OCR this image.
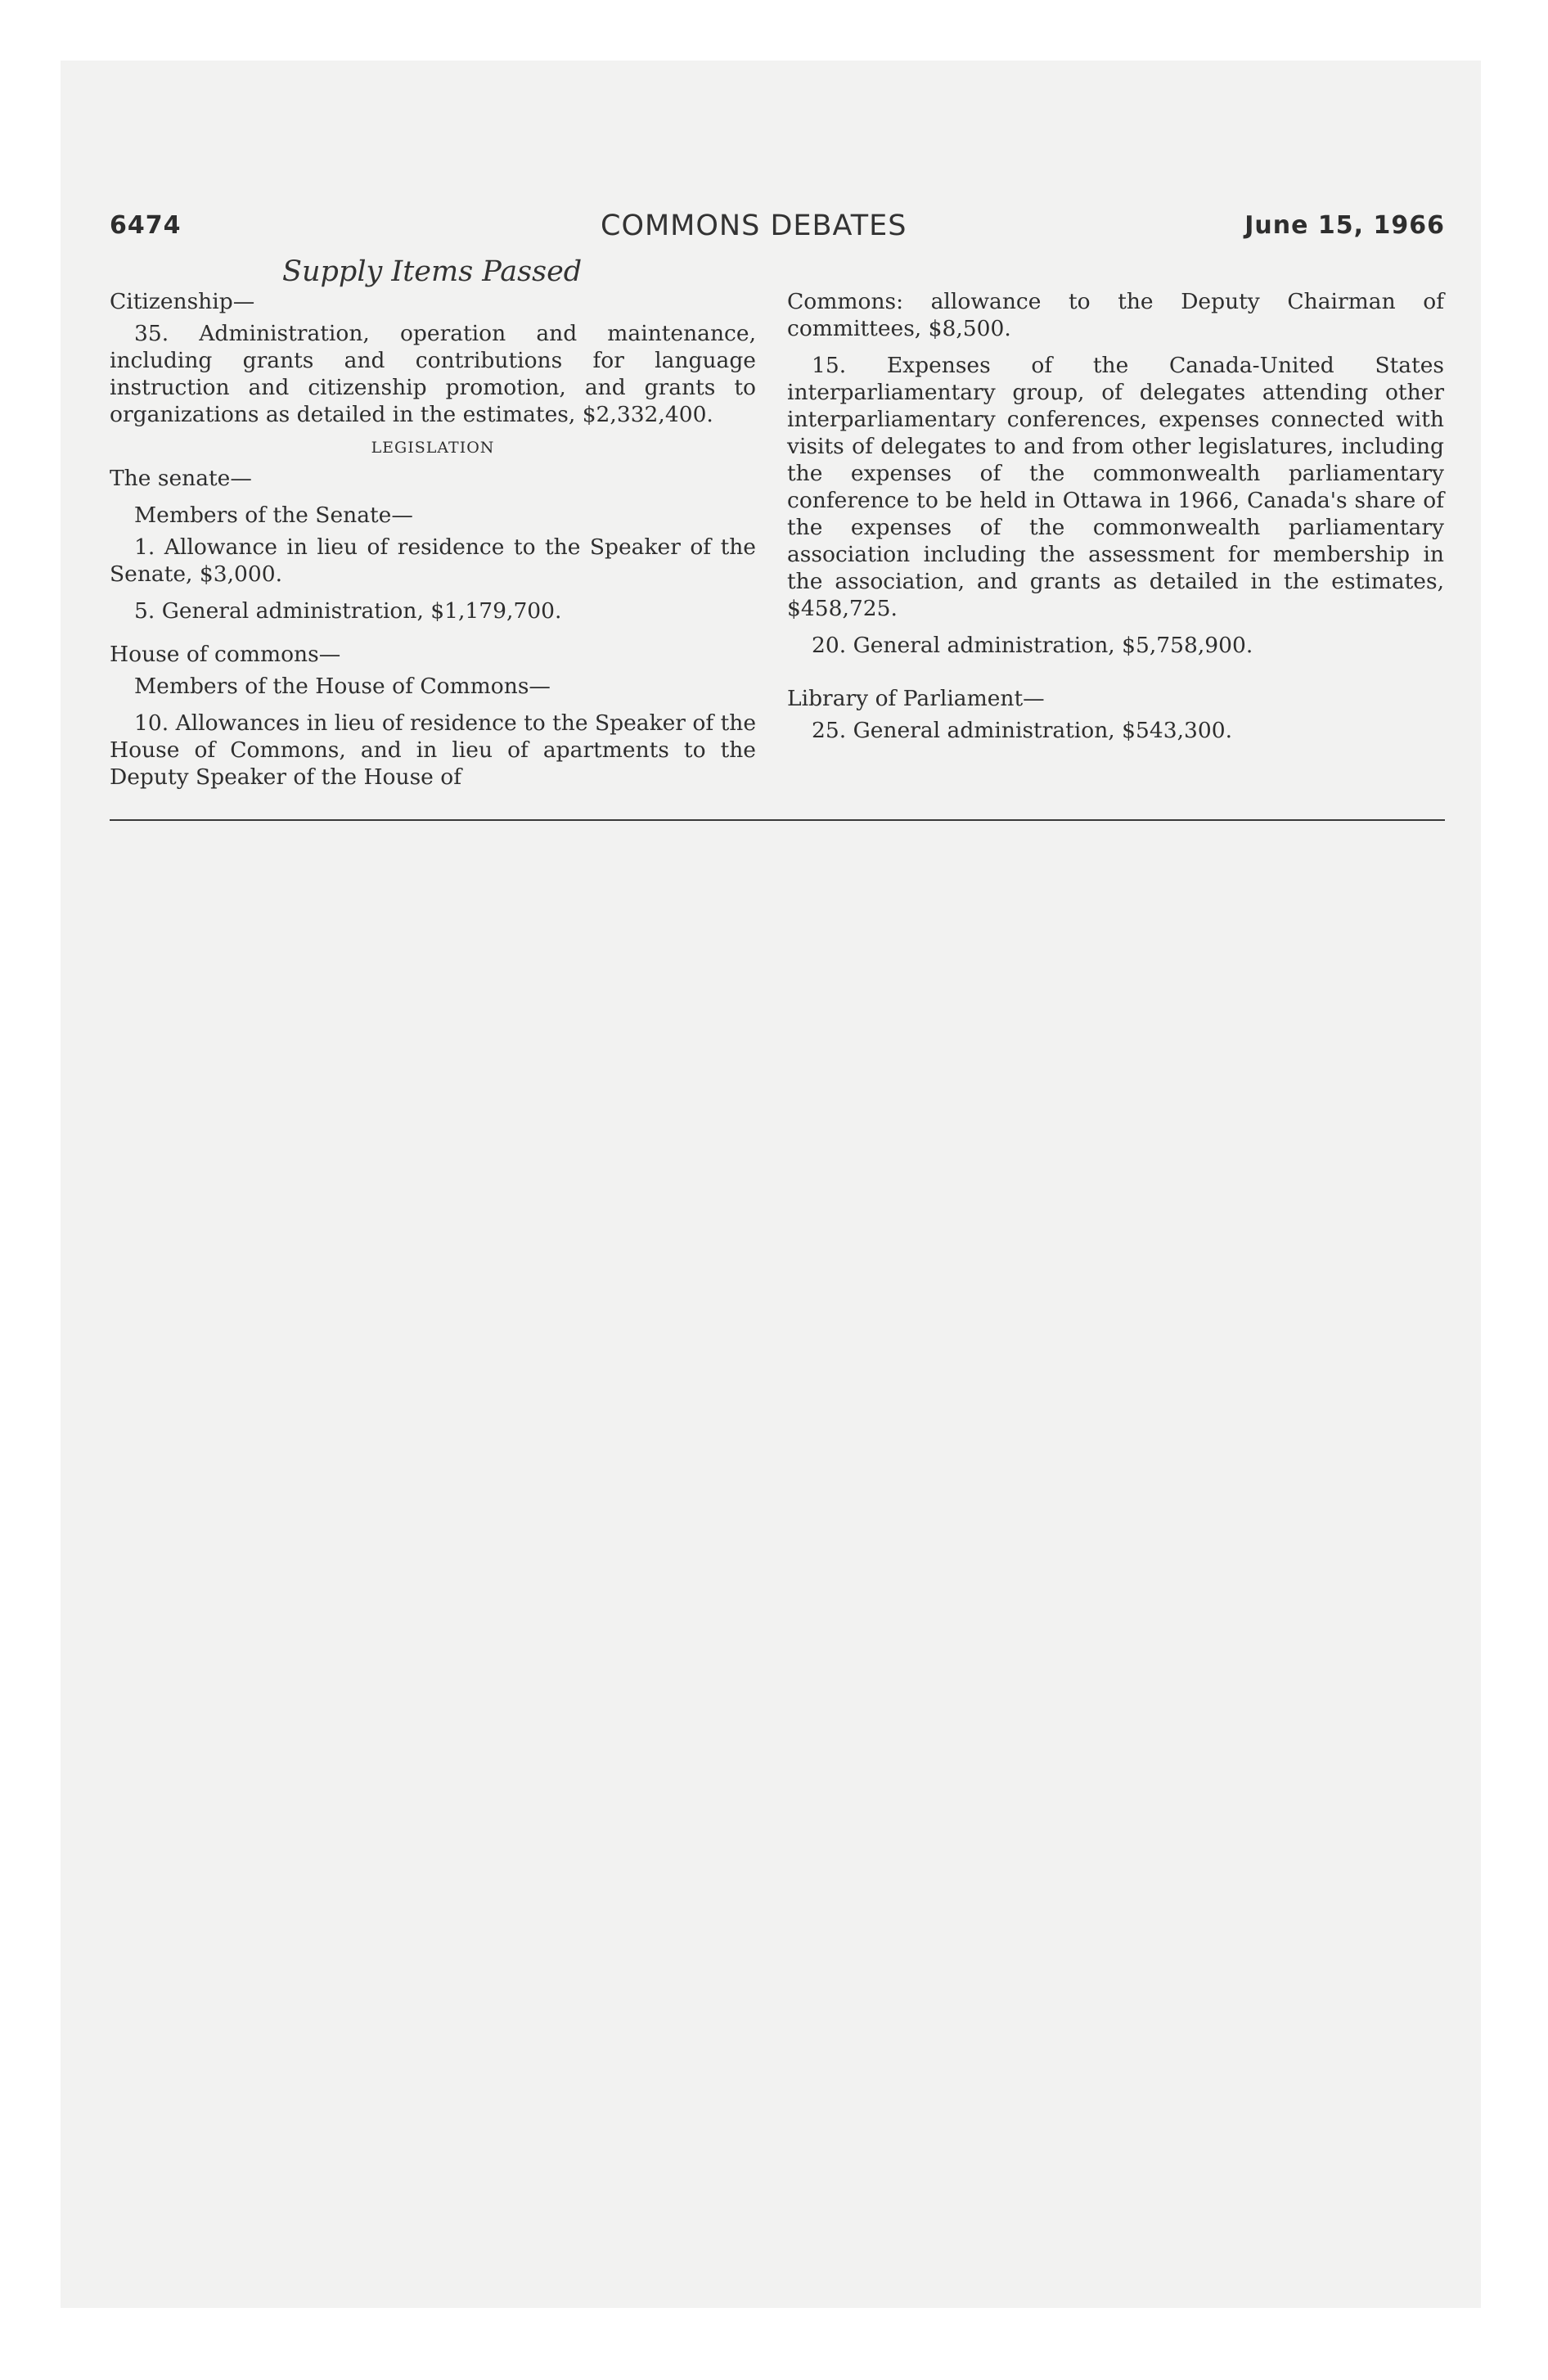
6474	COMMONS DEBATES	June 15, 1966
Supply Items Passed

Citizenship—

35. Administration, operation and maintenance, including grants and contributions for language instruction and citizenship promotion, and grants to organizations as detailed in the estimates, $2,332,400.

LEGISLATION

The senate—

Members of the Senate—

1. Allowance in lieu of residence to the Speaker of the Senate, $3,000.

5. General administration, $1,179,700.

House of commons—

Members of the House of Commons—

10. Allowances in lieu of residence to the Speaker of the House of Commons, and in lieu of apartments to the Deputy Speaker of the House of

Commons: allowance to the Deputy Chairman of committees, $8,500.

15. Expenses of the Canada-United States interparliamentary group, of delegates attending other interparliamentary conferences, expenses connected with visits of delegates to and from other legislatures, including the expenses of the commonwealth parliamentary conference to be held in Ottawa in 1966, Canada's share of the expenses of the commonwealth parliamentary association including the assessment for membership in the association, and grants as detailed in the estimates, $458,725.

20. General administration, $5,758,900.

Library of Parliament—

25. General administration, $543,300.
